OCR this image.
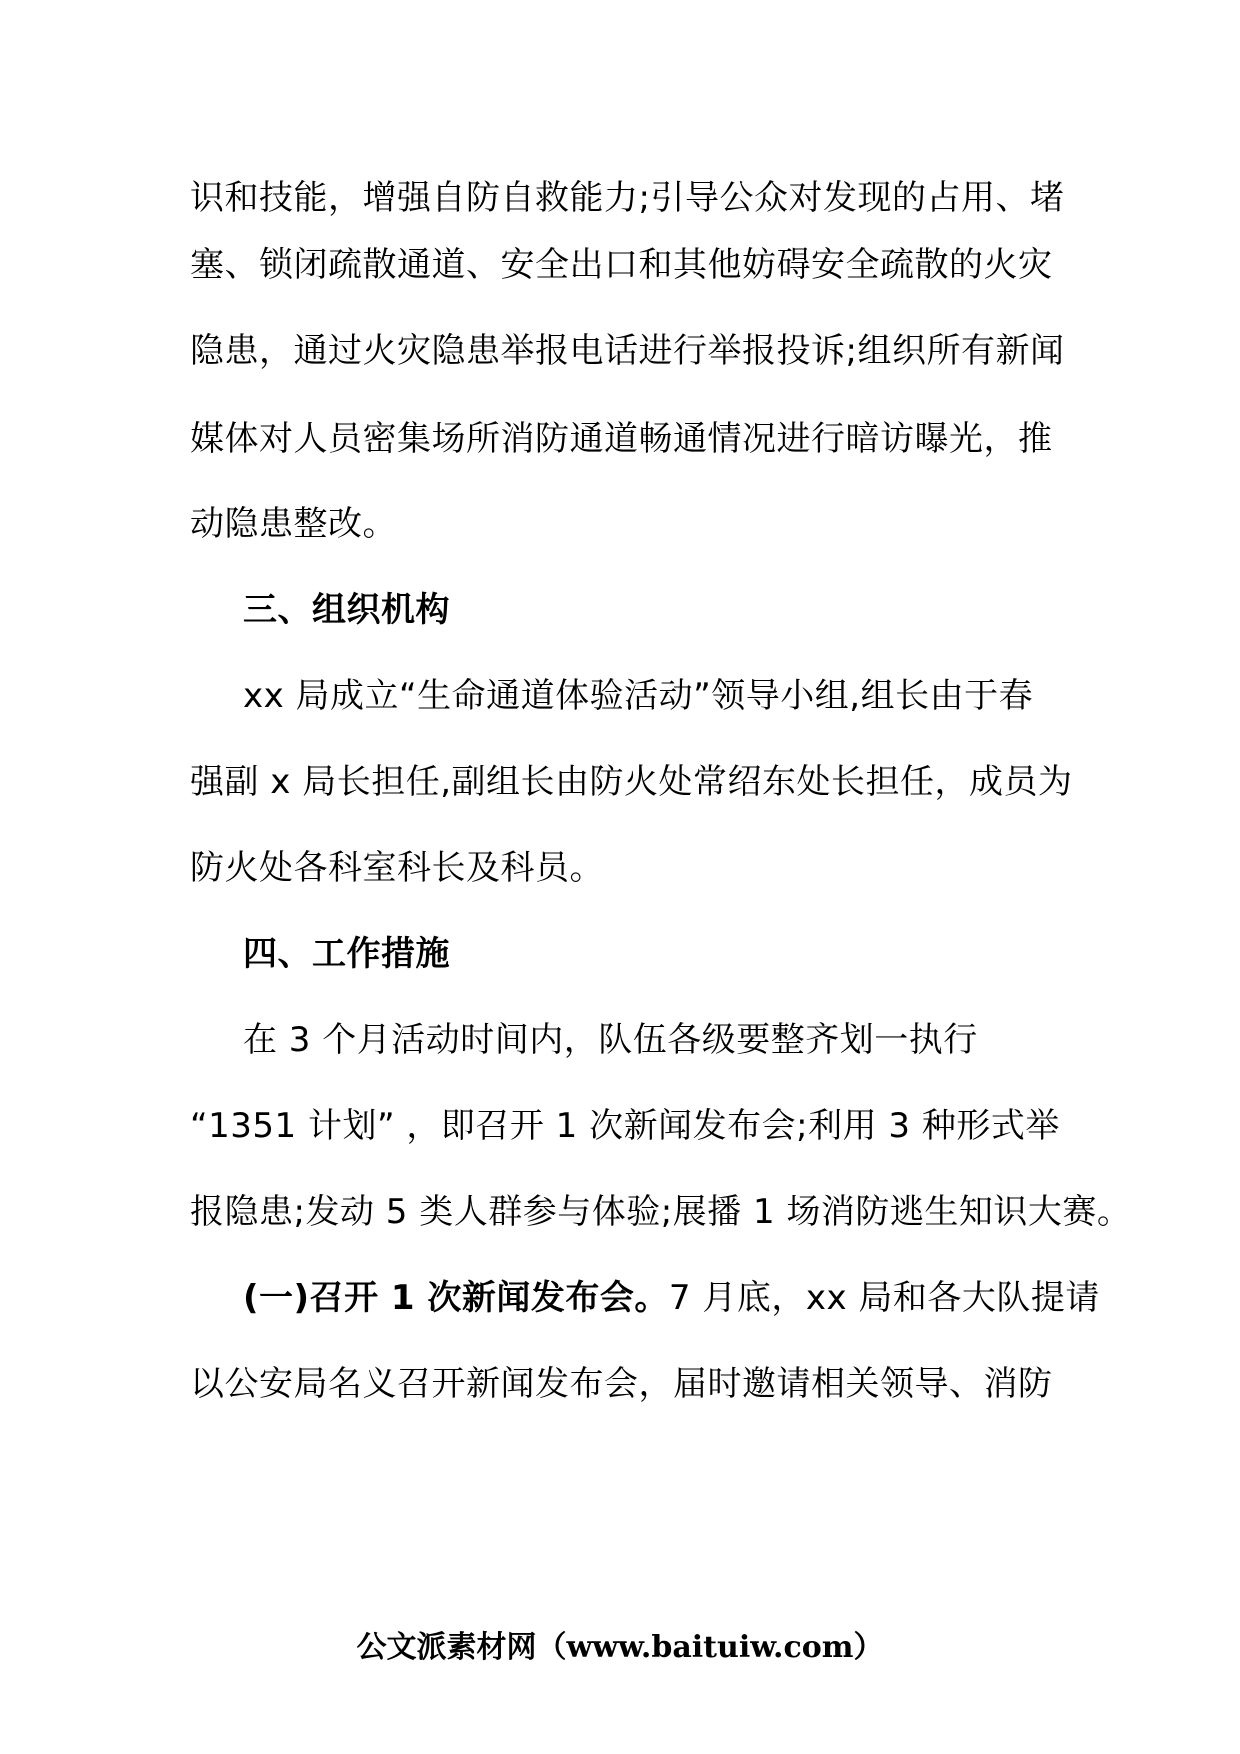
识和技能，增强自防自救能力;引导公众对发现的占用、堵
塞、锁闭疏散通道、安全出口和其他妨碍安全疏散的火灾
隐患，通过火灾隐患举报电话进行举报投诉;组织所有新闻
媒体对人员密集场所消防通道畅通情况进行暗访曝光，推
动隐患整改。
三、组织机构
xx 局成立“生命通道体验活动”领导小组,组长由于春
强副 x 局长担任,副组长由防火处常绍东处长担任，成员为
防火处各科室科长及科员。
四、工作措施
在 3 个月活动时间内，队伍各级要整齐划一执行
“1351 计划” ，即召开 1 次新闻发布会;利用 3 种形式举
报隐患;发动 5 类人群参与体验;展播 1 场消防逃生知识大赛。
(一)召开 1 次新闻发布会。7 月底，xx 局和各大队提请
以公安局名义召开新闻发布会，届时邀请相关领导、消防
公文派素材网（www.baituiw.com）
